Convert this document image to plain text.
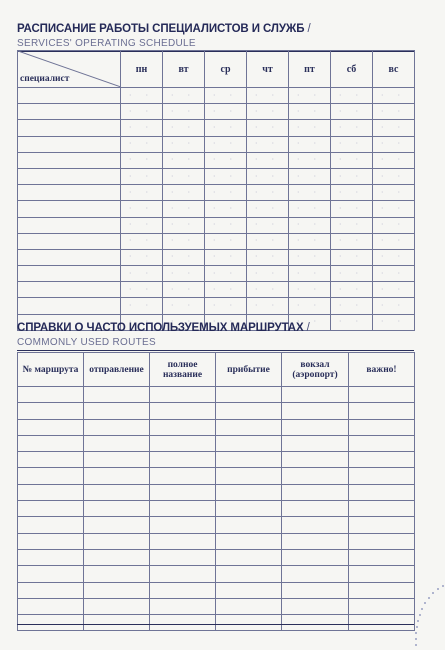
РАСПИСАНИЕ РАБОТЫ СПЕЦИАЛИСТОВ И СЛУЖБ /
SERVICES' OPERATING SCHEDULE
специалист	пн	вт	ср	чт	пт	сб	вс
	· ·	· ·	· ·	· ·	· ·	· ·	· ·
	· ·	· ·	· ·	· ·	· ·	· ·	· ·
	· ·	· ·	· ·	· ·	· ·	· ·	· ·
	· ·	· ·	· ·	· ·	· ·	· ·	· ·
	· ·	· ·	· ·	· ·	· ·	· ·	· ·
	· ·	· ·	· ·	· ·	· ·	· ·	· ·
	· ·	· ·	· ·	· ·	· ·	· ·	· ·
	· ·	· ·	· ·	· ·	· ·	· ·	· ·
	· ·	· ·	· ·	· ·	· ·	· ·	· ·
	· ·	· ·	· ·	· ·	· ·	· ·	· ·
	· ·	· ·	· ·	· ·	· ·	· ·	· ·
	· ·	· ·	· ·	· ·	· ·	· ·	· ·
	· ·	· ·	· ·	· ·	· ·	· ·	· ·
	· ·	· ·	· ·	· ·	· ·	· ·	· ·
	· ·	· ·	· ·	· ·	· ·	· ·	· ·
СПРАВКИ О ЧАСТО ИСПОЛЬЗУЕМЫХ МАРШРУТАХ /
COMMONLY USED ROUTES
№ маршрута	отправление	полное название	прибытие	вокзал (аэропорт)	важно!
